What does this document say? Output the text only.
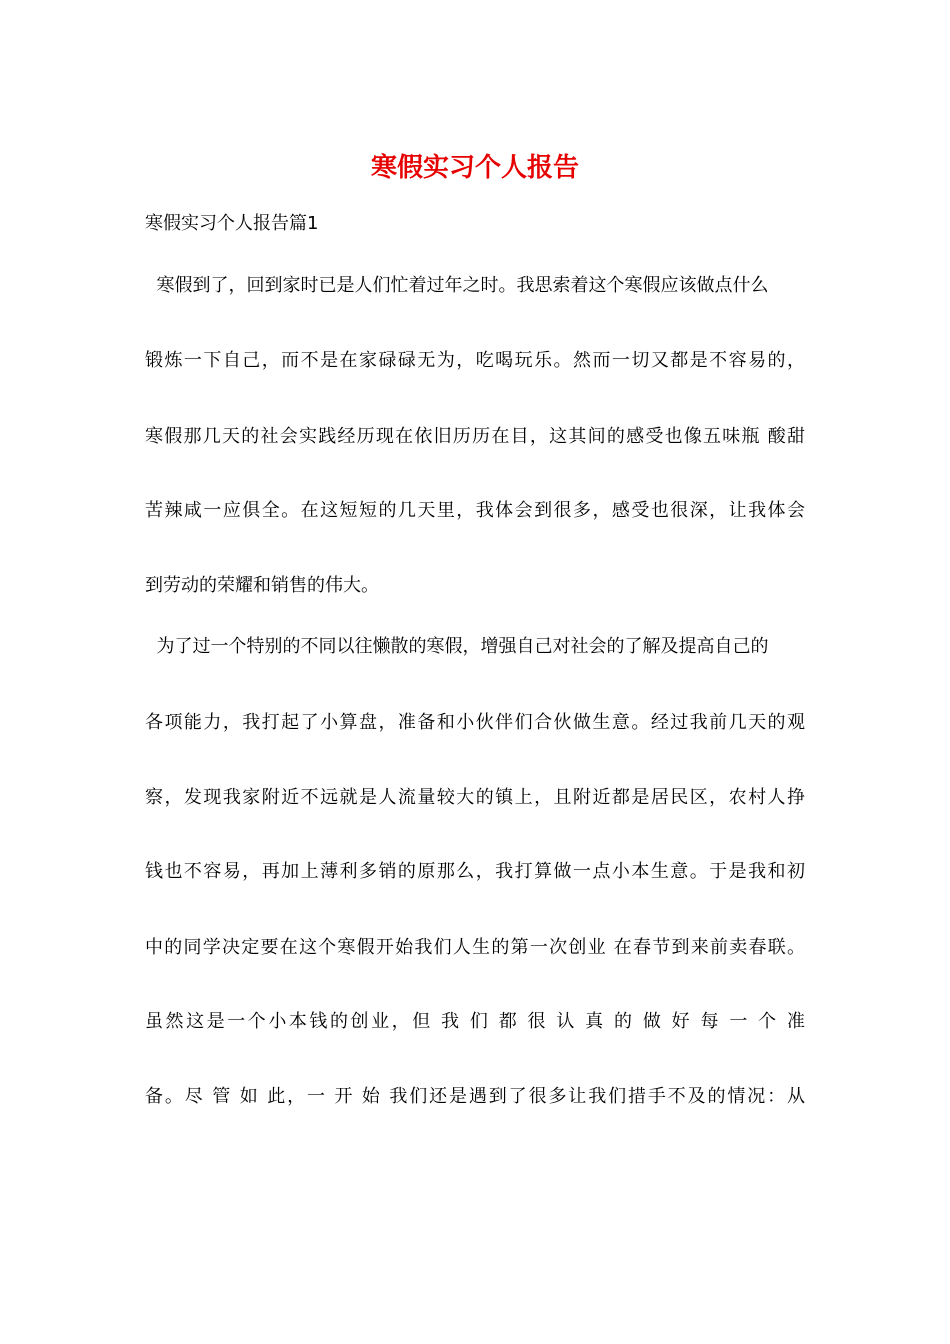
寒假实习个人报告
寒假实习个人报告篇1
寒假到了，回到家时已是人们忙着过年之时。我思索着这个寒假应该做点什么
锻炼一下自己，而不是在家碌碌无为，吃喝玩乐。然而一切又都是不容易的，
寒假那几天的社会实践经历现在依旧历历在目，这其间的感受也像五味瓶 酸甜
苦辣咸一应俱全。在这短短的几天里，我体会到很多，感受也很深，让我体会
到劳动的荣耀和销售的伟大。
为了过一个特别的不同以往懒散的寒假，增强自己对社会的了解及提高自己的
各项能力，我打起了小算盘，准备和小伙伴们合伙做生意。经过我前几天的观
察，发现我家附近不远就是人流量较大的镇上，且附近都是居民区，农村人挣
钱也不容易，再加上薄利多销的原那么，我打算做一点小本生意。于是我和初
中的同学决定要在这个寒假开始我们人生的第一次创业 在春节到来前卖春联。
虽然这是一个小本钱的创业，但 我 们 都 很 认 真 的 做 好 每 一 个 准
备。尽 管 如 此，一 开 始 我们还是遇到了很多让我们措手不及的情况：从
